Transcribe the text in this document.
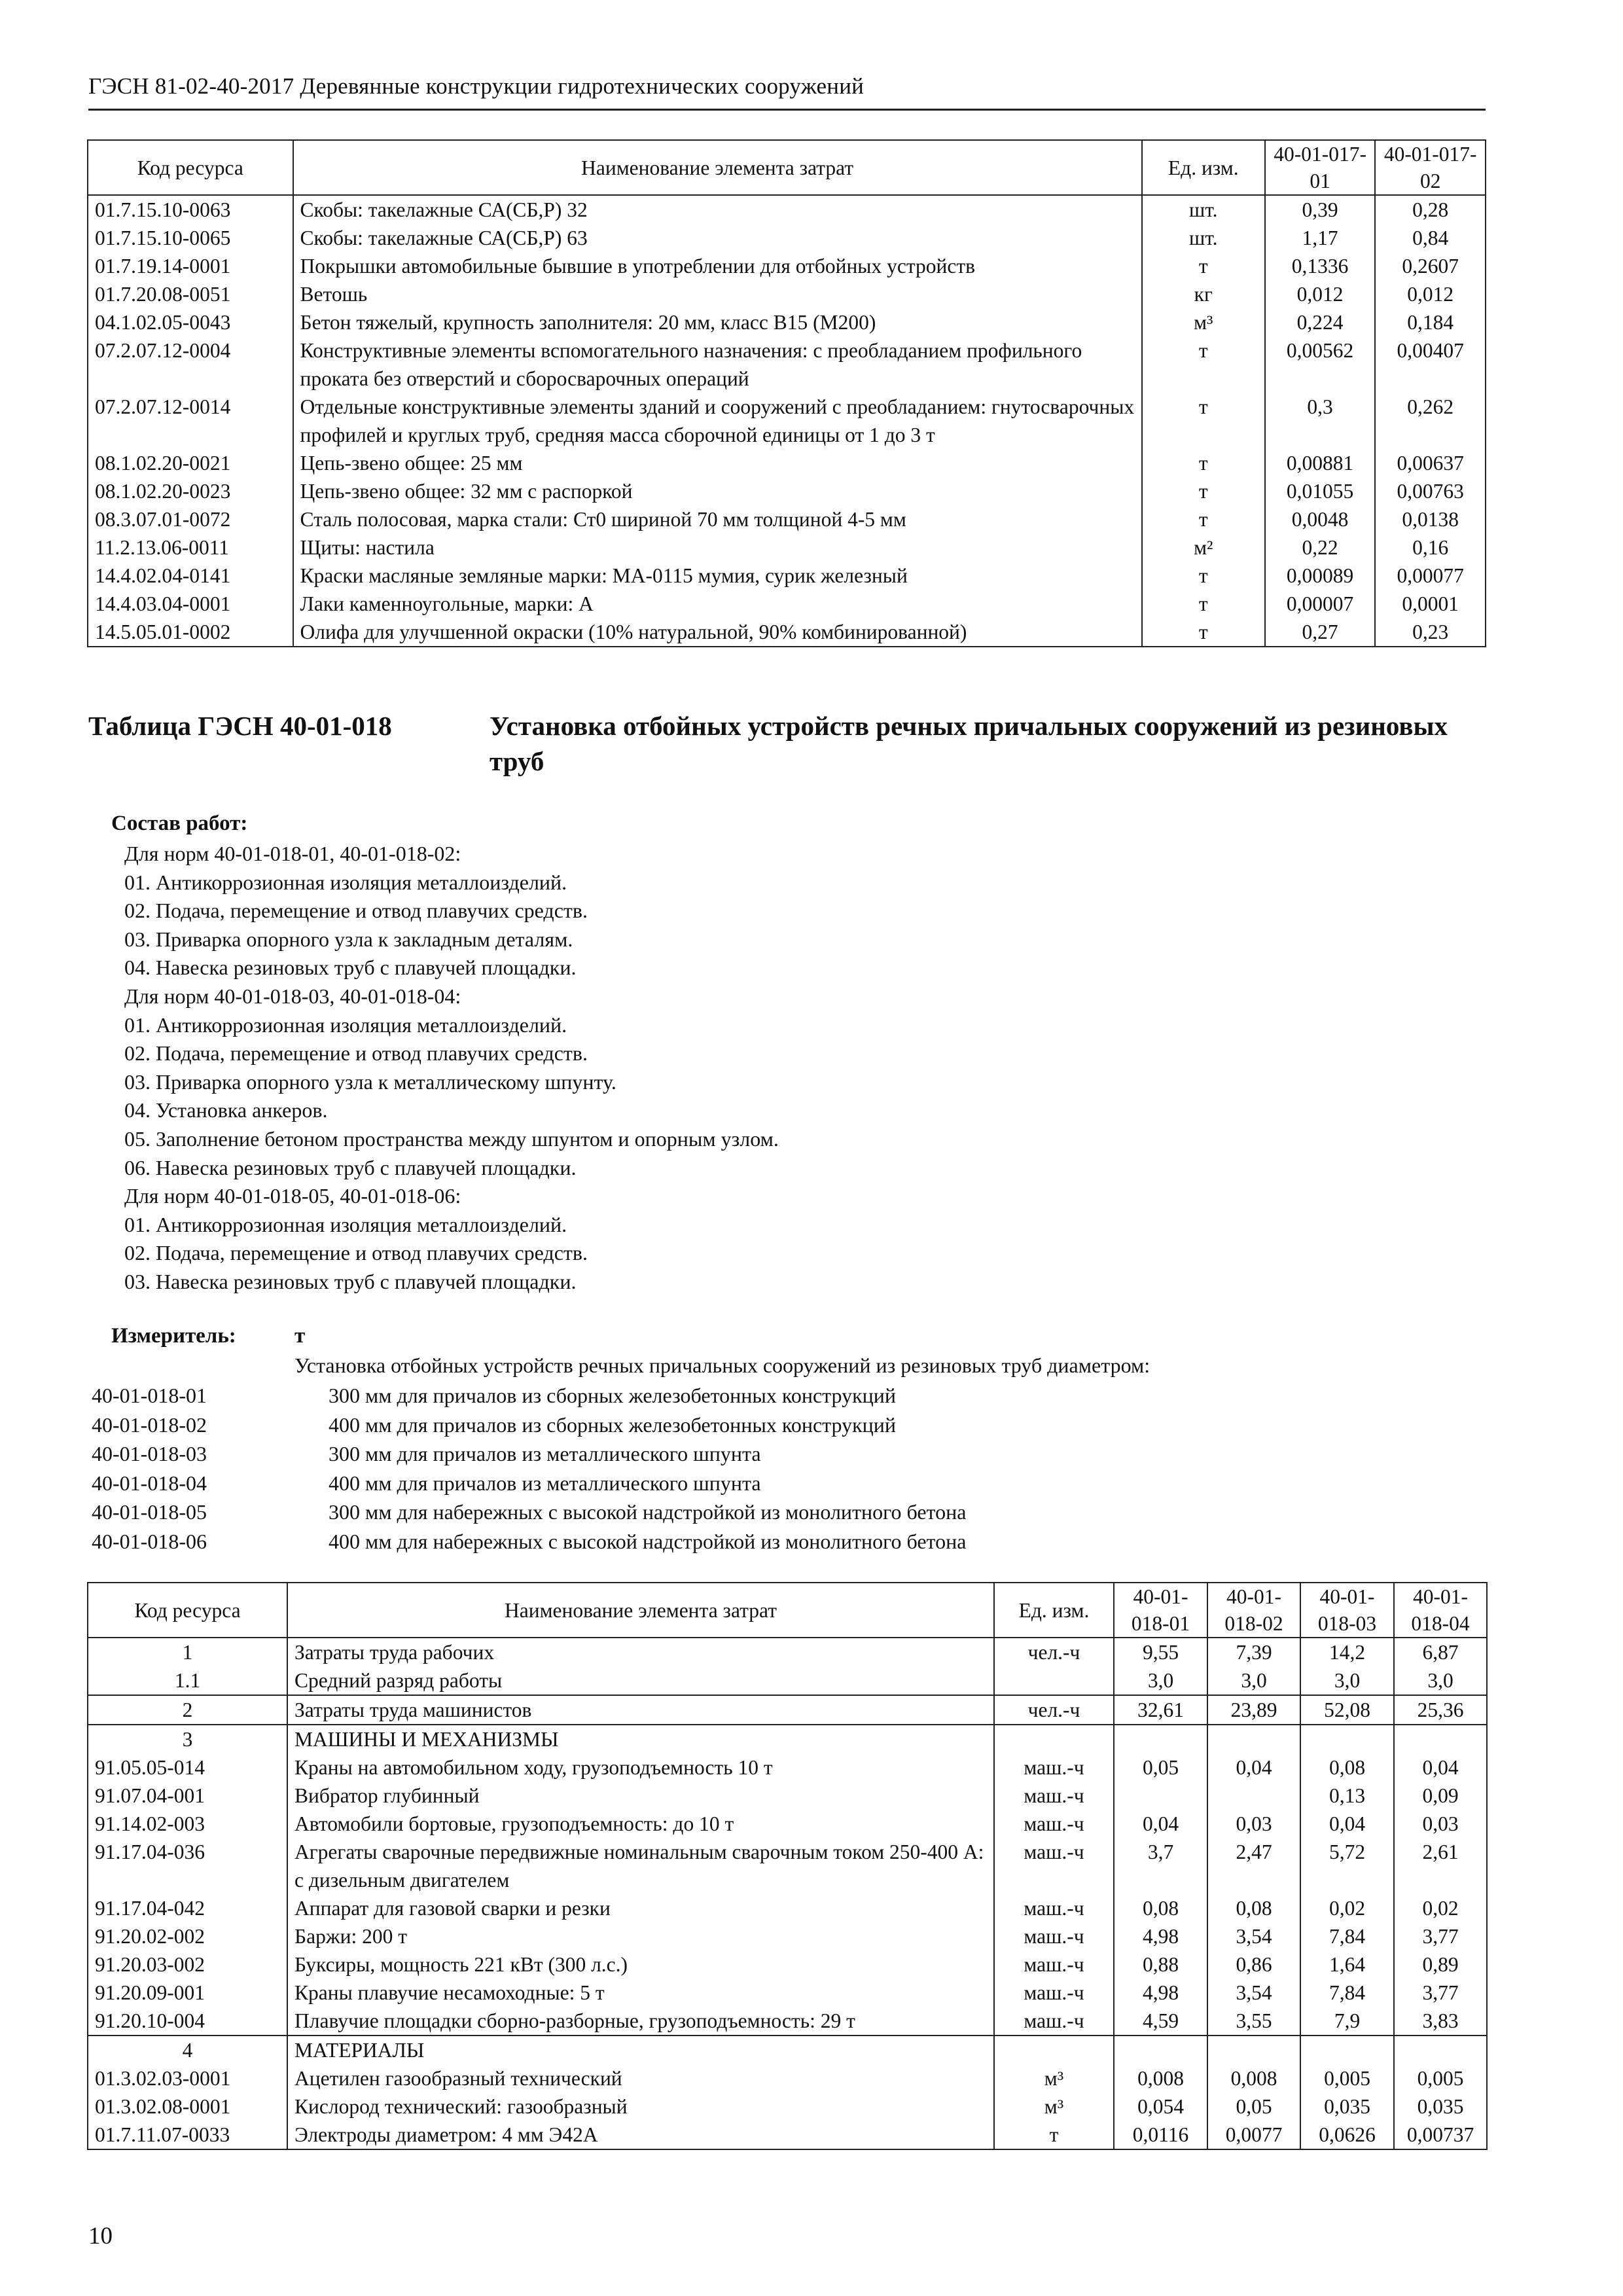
ГЭСН 81-02-40-2017 Деревянные конструкции гидротехнических сооружений
Код ресурса	Наименование элемента затрат	Ед. изм.	40-01-017-01	40-01-017-02
01.7.15.10-0063	Скобы: такелажные СА(СБ,Р) 32	шт.	0,39	0,28
01.7.15.10-0065	Скобы: такелажные СА(СБ,Р) 63	шт.	1,17	0,84
01.7.19.14-0001	Покрышки автомобильные бывшие в употреблении для отбойных устройств	т	0,1336	0,2607
01.7.20.08-0051	Ветошь	кг	0,012	0,012
04.1.02.05-0043	Бетон тяжелый, крупность заполнителя: 20 мм, класс В15 (М200)	м³	0,224	0,184
07.2.07.12-0004	Конструктивные элементы вспомогательного назначения: с преобладанием профильного проката без отверстий и сборосварочных операций	т	0,00562	0,00407
07.2.07.12-0014	Отдельные конструктивные элементы зданий и сооружений с преобладанием: гнутосварочных профилей и круглых труб, средняя масса сборочной единицы от 1 до 3 т	т	0,3	0,262
08.1.02.20-0021	Цепь-звено общее: 25 мм	т	0,00881	0,00637
08.1.02.20-0023	Цепь-звено общее: 32 мм с распоркой	т	0,01055	0,00763
08.3.07.01-0072	Сталь полосовая, марка стали: Ст0 шириной 70 мм толщиной 4-5 мм	т	0,0048	0,0138
11.2.13.06-0011	Щиты: настила	м²	0,22	0,16
14.4.02.04-0141	Краски масляные земляные марки: МА-0115 мумия, сурик железный	т	0,00089	0,00077
14.4.03.04-0001	Лаки каменноугольные, марки: А	т	0,00007	0,0001
14.5.05.01-0002	Олифа для улучшенной окраски (10% натуральной, 90% комбинированной)	т	0,27	0,23
Таблица ГЭСН 40-01-018	Установка отбойных устройств речных причальных сооружений из резиновых труб
Состав работ:
Для норм 40-01-018-01, 40-01-018-02:
01. Антикоррозионная изоляция металлоизделий.
02. Подача, перемещение и отвод плавучих средств.
03. Приварка опорного узла к закладным деталям.
04. Навеска резиновых труб с плавучей площадки.
Для норм 40-01-018-03, 40-01-018-04:
01. Антикоррозионная изоляция металлоизделий.
02. Подача, перемещение и отвод плавучих средств.
03. Приварка опорного узла к металлическому шпунту.
04. Установка анкеров.
05. Заполнение бетоном пространства между шпунтом и опорным узлом.
06. Навеска резиновых труб с плавучей площадки.
Для норм 40-01-018-05, 40-01-018-06:
01. Антикоррозионная изоляция металлоизделий.
02. Подача, перемещение и отвод плавучих средств.
03. Навеска резиновых труб с плавучей площадки.
Измеритель:	т
Установка отбойных устройств речных причальных сооружений из резиновых труб диаметром:
40-01-018-01	300 мм для причалов из сборных железобетонных конструкций
40-01-018-02	400 мм для причалов из сборных железобетонных конструкций
40-01-018-03	300 мм для причалов из металлического шпунта
40-01-018-04	400 мм для причалов из металлического шпунта
40-01-018-05	300 мм для набережных с высокой надстройкой из монолитного бетона
40-01-018-06	400 мм для набережных с высокой надстройкой из монолитного бетона
Код ресурса	Наименование элемента затрат	Ед. изм.	40-01-018-01	40-01-018-02	40-01-018-03	40-01-018-04
1	Затраты труда рабочих	чел.-ч	9,55	7,39	14,2	6,87
1.1	Средний разряд работы		3,0	3,0	3,0	3,0
2	Затраты труда машинистов	чел.-ч	32,61	23,89	52,08	25,36
3	МАШИНЫ И МЕХАНИЗМЫ					
91.05.05-014	Краны на автомобильном ходу, грузоподъемность 10 т	маш.-ч	0,05	0,04	0,08	0,04
91.07.04-001	Вибратор глубинный	маш.-ч			0,13	0,09
91.14.02-003	Автомобили бортовые, грузоподъемность: до 10 т	маш.-ч	0,04	0,03	0,04	0,03
91.17.04-036	Агрегаты сварочные передвижные номинальным сварочным током 250-400 А: с дизельным двигателем	маш.-ч	3,7	2,47	5,72	2,61
91.17.04-042	Аппарат для газовой сварки и резки	маш.-ч	0,08	0,08	0,02	0,02
91.20.02-002	Баржи: 200 т	маш.-ч	4,98	3,54	7,84	3,77
91.20.03-002	Буксиры, мощность 221 кВт (300 л.с.)	маш.-ч	0,88	0,86	1,64	0,89
91.20.09-001	Краны плавучие несамоходные: 5 т	маш.-ч	4,98	3,54	7,84	3,77
91.20.10-004	Плавучие площадки сборно-разборные, грузоподъемность: 29 т	маш.-ч	4,59	3,55	7,9	3,83
4	МАТЕРИАЛЫ					
01.3.02.03-0001	Ацетилен газообразный технический	м³	0,008	0,008	0,005	0,005
01.3.02.08-0001	Кислород технический: газообразный	м³	0,054	0,05	0,035	0,035
01.7.11.07-0033	Электроды диаметром: 4 мм Э42А	т	0,0116	0,0077	0,0626	0,00737
10
